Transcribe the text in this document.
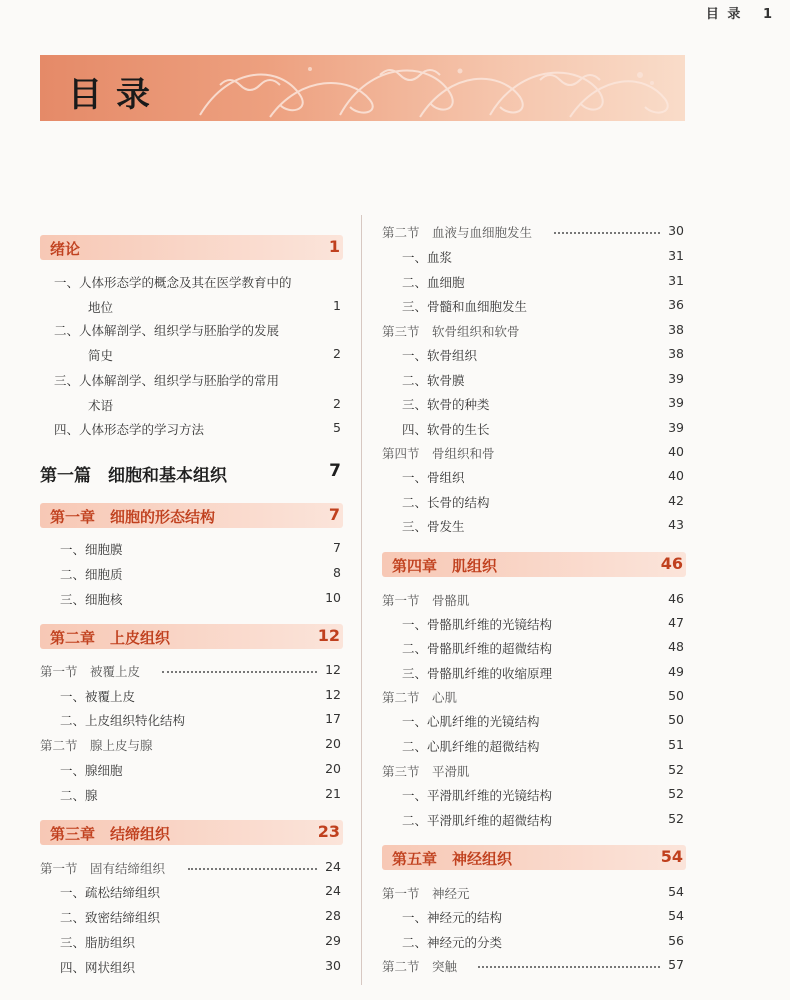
目 录 1
目录
绪论	1
一、人体形态学的概念及其在医学教育中的
地位	1
二、人体解剖学、组织学与胚胎学的发展
简史	2
三、人体解剖学、组织学与胚胎学的常用
术语	2
四、人体形态学的学习方法	5
第一篇　细胞和基本组织	7
第一章　细胞的形态结构	7
一、细胞膜	7
二、细胞质	8
三、细胞核	10
第二章　上皮组织	12
第一节　被覆上皮	12
一、被覆上皮	12
二、上皮组织特化结构	17
第二节　腺上皮与腺	20
一、腺细胞	20
二、腺	21
第三章　结缔组织	23
第一节　固有结缔组织	24
一、疏松结缔组织	24
二、致密结缔组织	28
三、脂肪组织	29
四、网状组织	30
第二节　血液与血细胞发生	30
一、血浆	31
二、血细胞	31
三、骨髓和血细胞发生	36
第三节　软骨组织和软骨	38
一、软骨组织	38
二、软骨膜	39
三、软骨的种类	39
四、软骨的生长	39
第四节　骨组织和骨	40
一、骨组织	40
二、长骨的结构	42
三、骨发生	43
第四章　肌组织	46
第一节　骨骼肌	46
一、骨骼肌纤维的光镜结构	47
二、骨骼肌纤维的超微结构	48
三、骨骼肌纤维的收缩原理	49
第二节　心肌	50
一、心肌纤维的光镜结构	50
二、心肌纤维的超微结构	51
第三节　平滑肌	52
一、平滑肌纤维的光镜结构	52
二、平滑肌纤维的超微结构	52
第五章　神经组织	54
第一节　神经元	54
一、神经元的结构	54
二、神经元的分类	56
第二节　突触	57
